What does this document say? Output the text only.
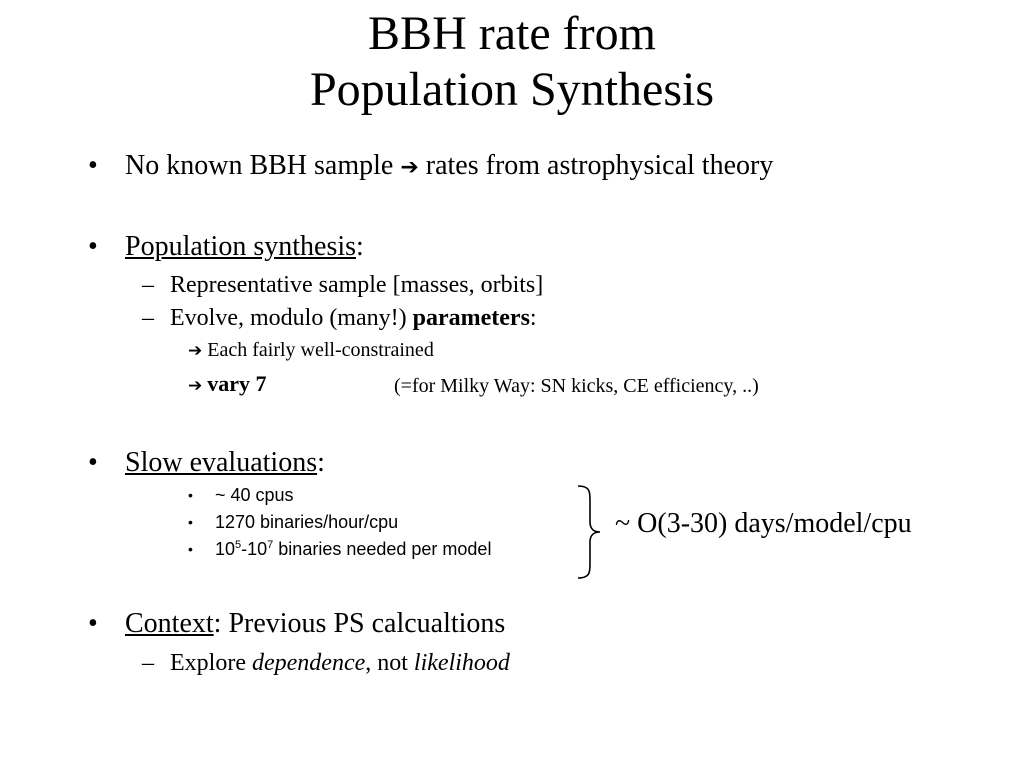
BBH rate from
Population Synthesis
• No known BBH sample ➔ rates from astrophysical theory
• Population synthesis:
– Representative sample [masses, orbits]
– Evolve, modulo (many!) parameters:
➔ Each fairly well-constrained
➔ vary 7	(=for Milky Way: SN kicks, CE efficiency, ..)
• Slow evaluations:
• ~ 40 cpus
• 1270 binaries/hour/cpu
• $10^5-10^7$ binaries needed per model
~ O(3-30) days/model/cpu
• Context: Previous PS calcualtions
– Explore dependence, not likelihood
